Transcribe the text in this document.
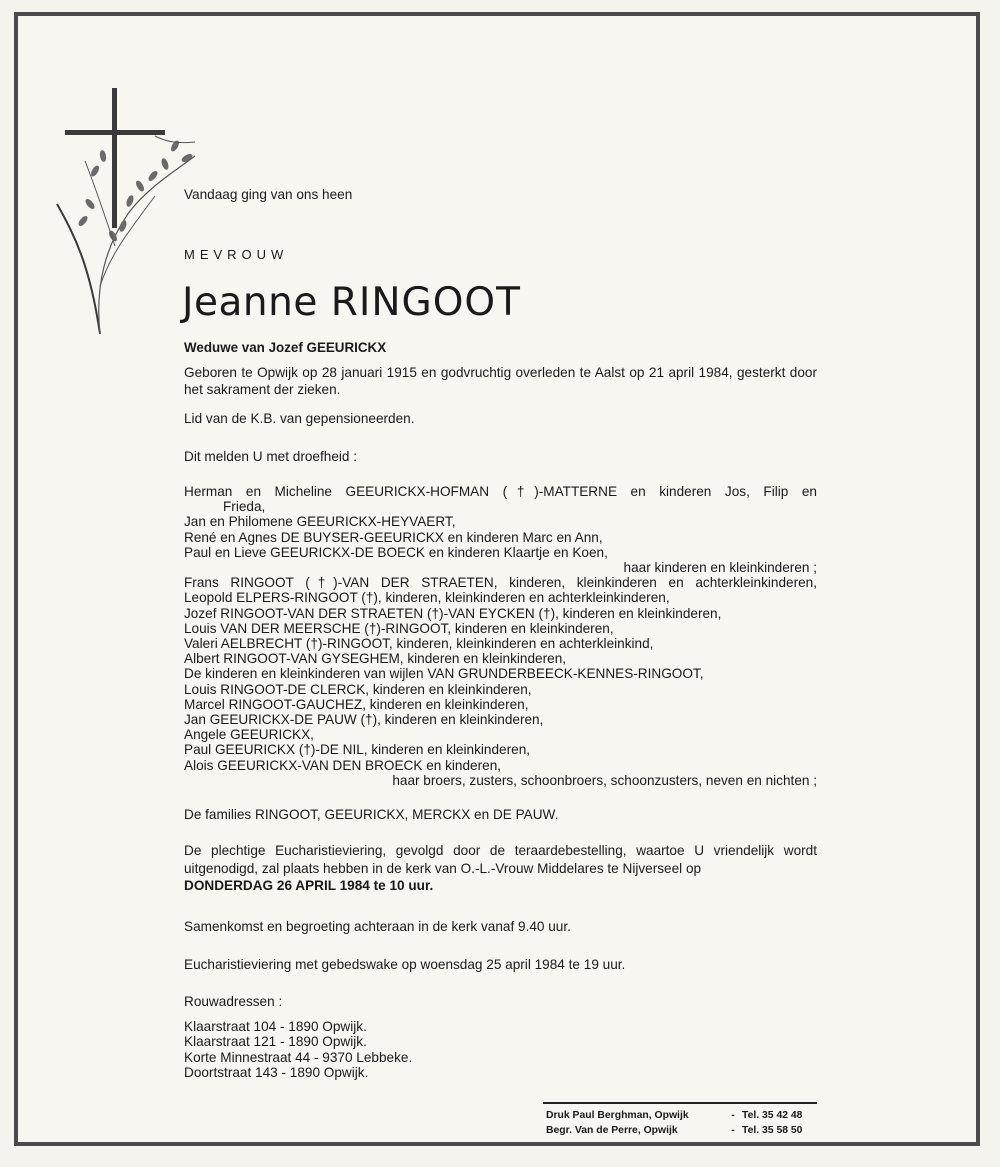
Vandaag ging van ons heen
MEVROUW
Jeanne RINGOOT
Weduwe van Jozef GEEURICKX
Geboren te Opwijk op 28 januari 1915 en godvruchtig overleden te Aalst op 21 april 1984, gesterkt door het sakrament der zieken.
Lid van de K.B. van gepensioneerden.
Dit melden U met droefheid :
Herman en Micheline GEEURICKX-HOFMAN (†)-MATTERNE en kinderen Jos, Filip en
Frieda,
Jan en Philomene GEEURICKX-HEYVAERT,
René en Agnes DE BUYSER-GEEURICKX en kinderen Marc en Ann,
Paul en Lieve GEEURICKX-DE BOECK en kinderen Klaartje en Koen,
haar kinderen en kleinkinderen ;
Frans RINGOOT (†)-VAN DER STRAETEN, kinderen, kleinkinderen en achterkleinkinderen,
Leopold ELPERS-RINGOOT (†), kinderen, kleinkinderen en achterkleinkinderen,
Jozef RINGOOT-VAN DER STRAETEN (†)-VAN EYCKEN (†), kinderen en kleinkinderen,
Louis VAN DER MEERSCHE (†)-RINGOOT, kinderen en kleinkinderen,
Valeri AELBRECHT (†)-RINGOOT, kinderen, kleinkinderen en achterkleinkind,
Albert RINGOOT-VAN GYSEGHEM, kinderen en kleinkinderen,
De kinderen en kleinkinderen van wijlen VAN GRUNDERBEECK-KENNES-RINGOOT,
Louis RINGOOT-DE CLERCK, kinderen en kleinkinderen,
Marcel RINGOOT-GAUCHEZ, kinderen en kleinkinderen,
Jan GEEURICKX-DE PAUW (†), kinderen en kleinkinderen,
Angele GEEURICKX,
Paul GEEURICKX (†)-DE NIL, kinderen en kleinkinderen,
Alois GEEURICKX-VAN DEN BROECK en kinderen,
haar broers, zusters, schoonbroers, schoonzusters, neven en nichten ;
De families RINGOOT, GEEURICKX, MERCKX en DE PAUW.
De plechtige Eucharistieviering, gevolgd door de teraardebestelling, waartoe U vriendelijk wordt uitgenodigd, zal plaats hebben in de kerk van O.-L.-Vrouw Middelares te Nijverseel op
DONDERDAG 26 APRIL 1984 te 10 uur.
Samenkomst en begroeting achteraan in de kerk vanaf 9.40 uur.
Eucharistieviering met gebedswake op woensdag 25 april 1984 te 19 uur.
Rouwadressen :
Klaarstraat 104 - 1890 Opwijk.
Klaarstraat 121 - 1890 Opwijk.
Korte Minnestraat 44 - 9370 Lebbeke.
Doortstraat 143 - 1890 Opwijk.
Druk Paul Berghman, Opwijk	- Tel. 35 42 48
Begr. Van de Perre, Opwijk	- Tel. 35 58 50
